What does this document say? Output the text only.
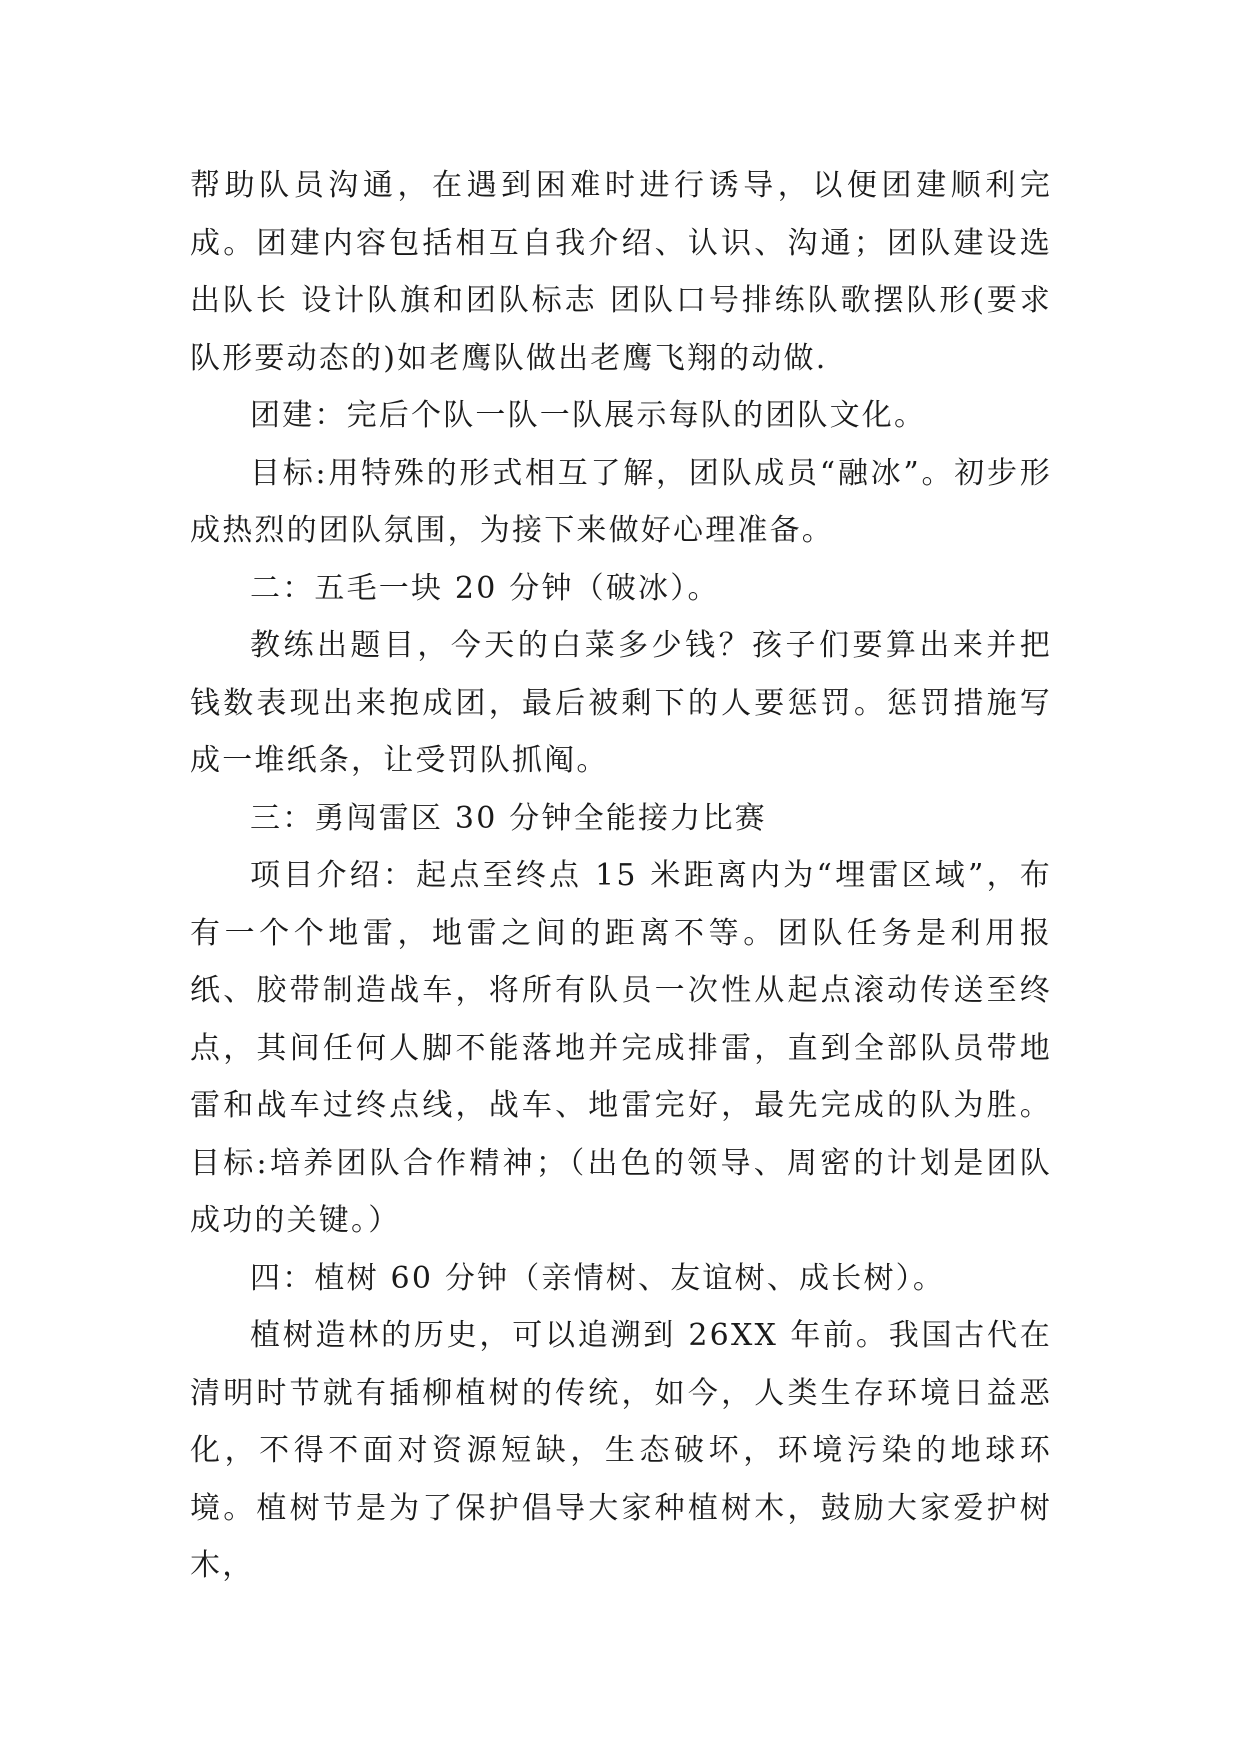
帮助队员沟通，在遇到困难时进行诱导，以便团建顺利完成。团建内容包括相互自我介绍、认识、沟通；团队建设选出队长 设计队旗和团队标志 团队口号排练队歌摆队形(要求队形要动态的)如老鹰队做出老鹰飞翔的动做.

团建：完后个队一队一队展示每队的团队文化。

目标:用特殊的形式相互了解，团队成员“融冰”。初步形成热烈的团队氛围，为接下来做好心理准备。

二：五毛一块 20 分钟（破冰）。

教练出题目，今天的白菜多少钱？孩子们要算出来并把钱数表现出来抱成团，最后被剩下的人要惩罚。惩罚措施写成一堆纸条，让受罚队抓阄。

三：勇闯雷区 30 分钟全能接力比赛

项目介绍：起点至终点 15 米距离内为“埋雷区域”，布有一个个地雷，地雷之间的距离不等。团队任务是利用报纸、胶带制造战车，将所有队员一次性从起点滚动传送至终点，其间任何人脚不能落地并完成排雷，直到全部队员带地雷和战车过终点线，战车、地雷完好，最先完成的队为胜。目标:培养团队合作精神；（出色的领导、周密的计划是团队成功的关键。）

四：植树 60 分钟（亲情树、友谊树、成长树）。

植树造林的历史，可以追溯到 26XX 年前。我国古代在清明时节就有插柳植树的传统，如今，人类生存环境日益恶化，不得不面对资源短缺，生态破坏，环境污染的地球环境。植树节是为了保护倡导大家种植树木，鼓励大家爱护树木，
